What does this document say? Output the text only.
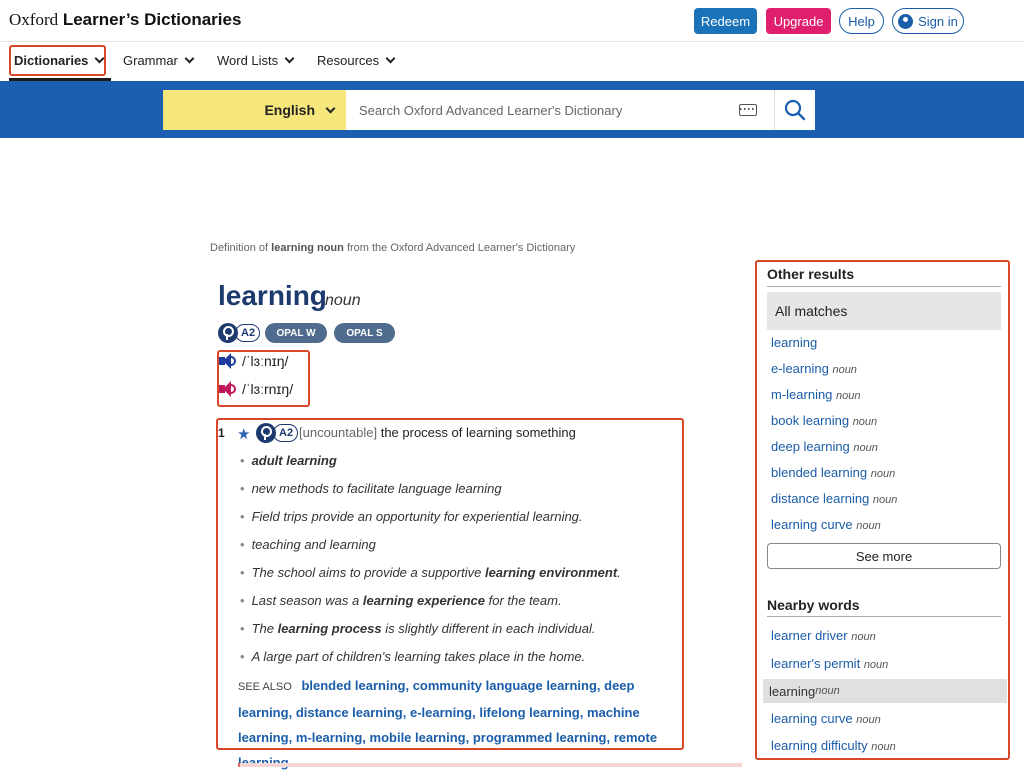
Oxford Learner’s Dictionaries	Redeem	Upgrade	Help	Sign in
Dictionaries	Grammar	Word Lists	Resources
English
Search Oxford Advanced Learner's Dictionary
Definition of learning noun from the Oxford Advanced Learner's Dictionary
learning
noun
A2	OPAL W	OPAL S
/ˈlɜːnɪŋ/
/ˈlɜːrnɪŋ/
1 ★	A2 [uncountable] the process of learning something
• adult learning
• new methods to facilitate language learning
• Field trips provide an opportunity for experiential learning.
• teaching and learning
• The school aims to provide a supportive learning environment.
• Last season was a learning experience for the team.
• The learning process is slightly different in each individual.
• A large part of children's learning takes place in the home.
SEE ALSO blended learning, community language learning, deep learning, distance learning, e-learning, lifelong learning, machine learning, m-learning, mobile learning, programmed learning, remote
Other results
All matches
learning
e-learning noun
m-learning noun
book learning noun
deep learning noun
blended learning noun
distance learning noun
learning curve noun
See more
Nearby words
learner driver noun
learner's permit noun
learning noun
learning curve noun
learning difficulty noun
